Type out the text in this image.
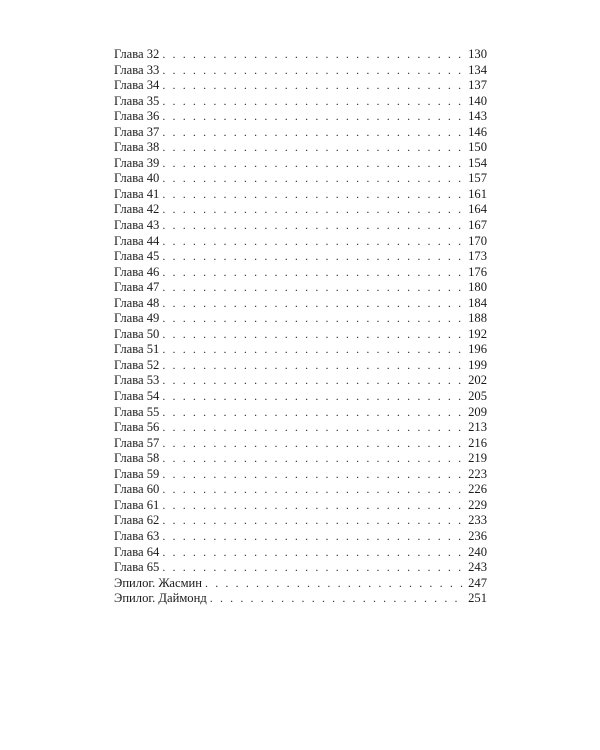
Глава 32 . . .	130
Глава 33 . . .	134
Глава 34 . . .	137
Глава 35 . . .	140
Глава 36 . . .	143
Глава 37 . . .	146
Глава 38 . . .	150
Глава 39 . . .	154
Глава 40 . . .	157
Глава 41 . . .	161
Глава 42 . . .	164
Глава 43 . . .	167
Глава 44 . . .	170
Глава 45 . . .	173
Глава 46 . . .	176
Глава 47 . . .	180
Глава 48 . . .	184
Глава 49 . . .	188
Глава 50 . . .	192
Глава 51 . . .	196
Глава 52 . . .	199
Глава 53 . . .	202
Глава 54 . . .	205
Глава 55 . . .	209
Глава 56 . . .	213
Глава 57 . . .	216
Глава 58 . . .	219
Глава 59 . . .	223
Глава 60 . . .	226
Глава 61 . . .	229
Глава 62 . . .	233
Глава 63 . . .	236
Глава 64 . . .	240
Глава 65 . . .	243
Эпилог. Жасмин . . .	247
Эпилог. Даймонд . . .	251
